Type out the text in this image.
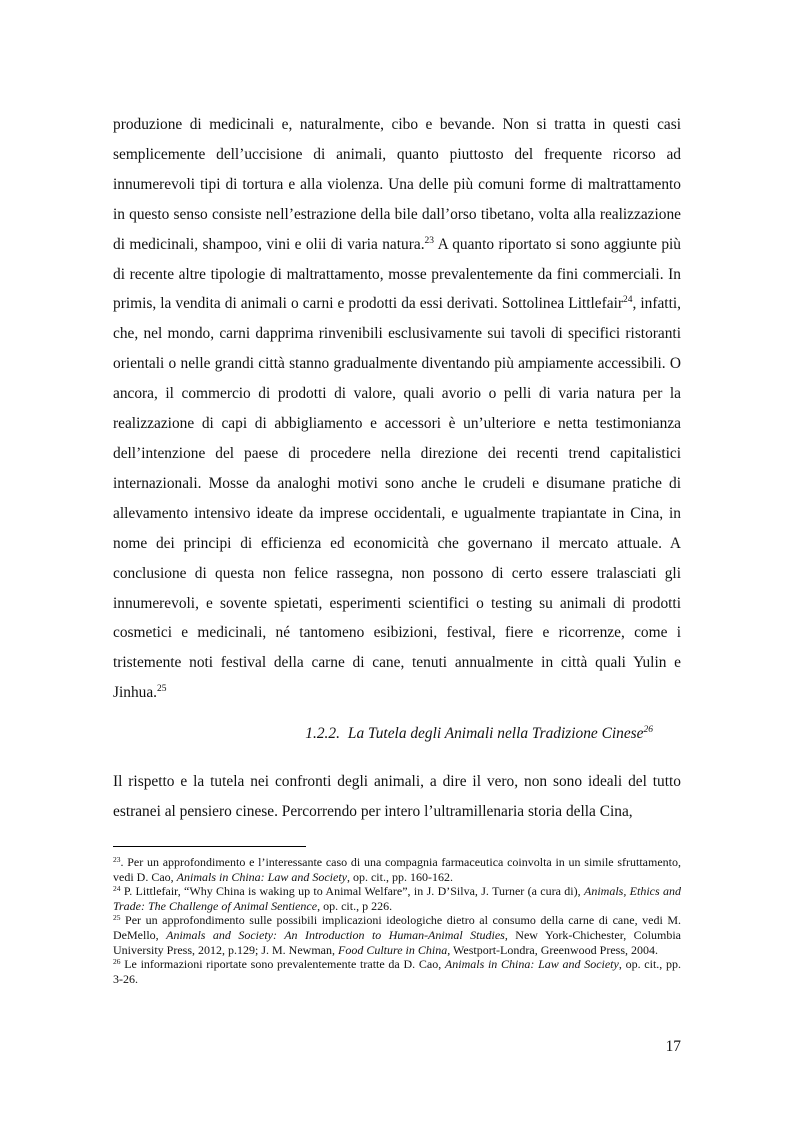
produzione di medicinali e, naturalmente, cibo e bevande. Non si tratta in questi casi semplicemente dell’uccisione di animali, quanto piuttosto del frequente ricorso ad innumerevoli tipi di tortura e alla violenza. Una delle più comuni forme di maltrattamento in questo senso consiste nell’estrazione della bile dall’orso tibetano, volta alla realizzazione di medicinali, shampoo, vini e olii di varia natura.$^{23}$ A quanto riportato si sono aggiunte più di recente altre tipologie di maltrattamento, mosse prevalentemente da fini commerciali. In primis, la vendita di animali o carni e prodotti da essi derivati. Sottolinea Littlefair$^{24}$, infatti, che, nel mondo, carni dapprima rinvenibili esclusivamente sui tavoli di specifici ristoranti orientali o nelle grandi città stanno gradualmente diventando più ampiamente accessibili. O ancora, il commercio di prodotti di valore, quali avorio o pelli di varia natura per la realizzazione di capi di abbigliamento e accessori è un’ulteriore e netta testimonianza dell’intenzione del paese di procedere nella direzione dei recenti trend capitalistici internazionali. Mosse da analoghi motivi sono anche le crudeli e disumane pratiche di allevamento intensivo ideate da imprese occidentali, e ugualmente trapiantate in Cina, in nome dei principi di efficienza ed economicità che governano il mercato attuale. A conclusione di questa non felice rassegna, non possono di certo essere tralasciati gli innumerevoli, e sovente spietati, esperimenti scientifici o testing su animali di prodotti cosmetici e medicinali, né tantomeno esibizioni, festival, fiere e ricorrenze, come i tristemente noti festival della carne di cane, tenuti annualmente in città quali Yulin e Jinhua.$^{25}$

1.2.2. La Tutela degli Animali nella Tradizione Cinese$^{26}$

Il rispetto e la tutela nei confronti degli animali, a dire il vero, non sono ideali del tutto estranei al pensiero cinese. Percorrendo per intero l’ultramillenaria storia della Cina,

$^{23}$. Per un approfondimento e l’interessante caso di una compagnia farmaceutica coinvolta in un simile sfruttamento, vedi D. Cao, Animals in China: Law and Society, op. cit., pp. 160-162.

$^{24}$ P. Littlefair, “Why China is waking up to Animal Welfare”, in J. D’Silva, J. Turner (a cura di), Animals, Ethics and Trade: The Challenge of Animal Sentience, op. cit., p 226.

$^{25}$ Per un approfondimento sulle possibili implicazioni ideologiche dietro al consumo della carne di cane, vedi M. DeMello, Animals and Society: An Introduction to Human-Animal Studies, New York-Chichester, Columbia University Press, 2012, p.129; J. M. Newman, Food Culture in China, Westport-Londra, Greenwood Press, 2004.

$^{26}$ Le informazioni riportate sono prevalentemente tratte da D. Cao, Animals in China: Law and Society, op. cit., pp. 3-26.

17
